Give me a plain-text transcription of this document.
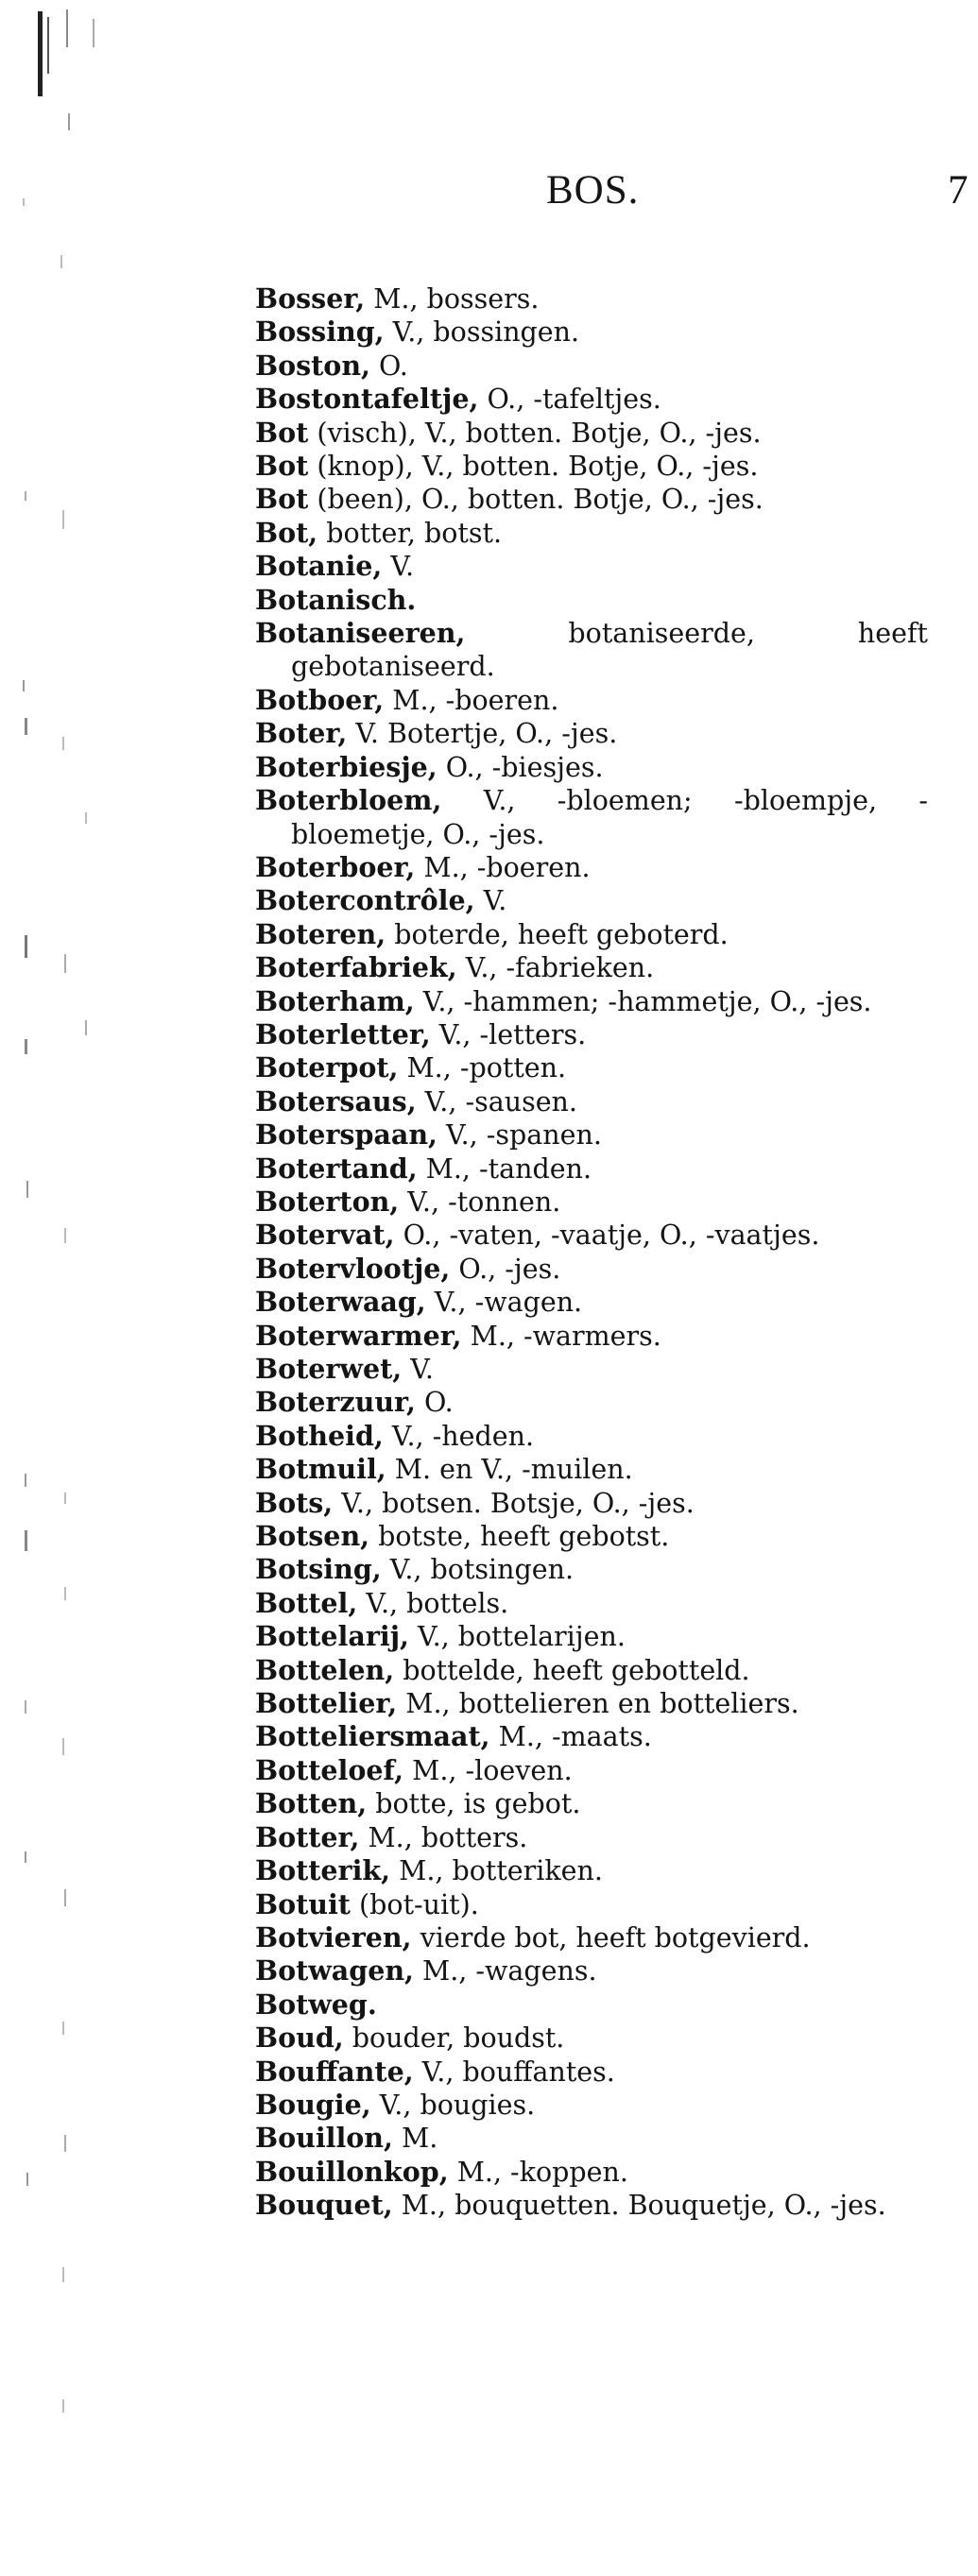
BOS.	7
Bosser, M., bossers.
Bossing, V., bossingen.
Boston, O.
Bostontafeltje, O., -tafeltjes.
Bot (visch), V., botten. Botje, O., -jes.
Bot (knop), V., botten. Botje, O., -jes.
Bot (been), O., botten. Botje, O., -jes.
Bot, botter, botst.
Botanie, V.
Botanisch.
Botaniseeren, botaniseerde, heeft gebotaniseerd.
Botboer, M., -boeren.
Boter, V. Botertje, O., -jes.
Boterbiesje, O., -biesjes.
Boterbloem, V., -bloemen; -bloempje, -bloemetje, O., -jes.
Boterboer, M., -boeren.
Botercontrôle, V.
Boteren, boterde, heeft geboterd.
Boterfabriek, V., -fabrieken.
Boterham, V., -hammen; -hammetje, O., -jes.
Boterletter, V., -letters.
Boterpot, M., -potten.
Botersaus, V., -sausen.
Boterspaan, V., -spanen.
Botertand, M., -tanden.
Boterton, V., -tonnen.
Botervat, O., -vaten, -vaatje, O., -vaatjes.
Botervlootje, O., -jes.
Boterwaag, V., -wagen.
Boterwarmer, M., -warmers.
Boterwet, V.
Boterzuur, O.
Botheid, V., -heden.
Botmuil, M. en V., -muilen.
Bots, V., botsen. Botsje, O., -jes.
Botsen, botste, heeft gebotst.
Botsing, V., botsingen.
Bottel, V., bottels.
Bottelarij, V., bottelarijen.
Bottelen, bottelde, heeft gebotteld.
Bottelier, M., bottelieren en botteliers.
Botteliersmaat, M., -maats.
Botteloef, M., -loeven.
Botten, botte, is gebot.
Botter, M., botters.
Botterik, M., botteriken.
Botuit (bot-uit).
Botvieren, vierde bot, heeft botgevierd.
Botwagen, M., -wagens.
Botweg.
Boud, bouder, boudst.
Bouffante, V., bouffantes.
Bougie, V., bougies.
Bouillon, M.
Bouillonkop, M., -koppen.
Bouquet, M., bouquetten. Bouquetje, O., -jes.
